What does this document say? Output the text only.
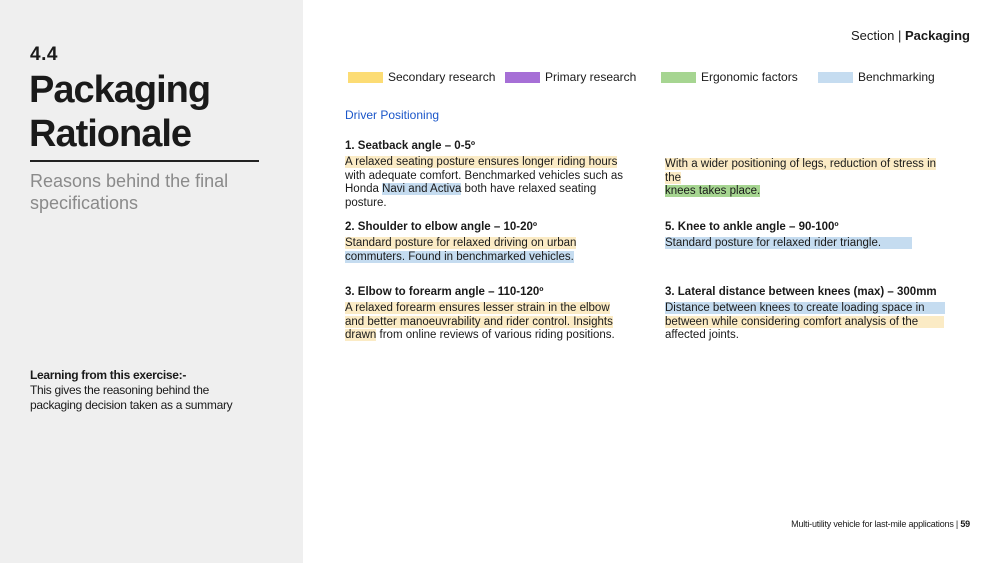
4.4
Packaging
Rationale
Reasons behind the final specifications
Learning from this exercise:-
This gives the reasoning behind the packaging decision taken as a summary
Section | Packaging
Secondary research	Primary research	Ergonomic factors	Benchmarking
Driver Positioning
1. Seatback angle – 0-5º
A relaxed seating posture ensures longer riding hours with adequate comfort. Benchmarked vehicles such as Honda Navi and Activa both have relaxed seating posture.
With a wider positioning of legs, reduction of stress in the
knees takes place.
2. Shoulder to elbow angle – 10-20º
Standard posture for relaxed driving on urban
commuters. Found in benchmarked vehicles.
5. Knee to ankle angle – 90-100º
Standard posture for relaxed rider triangle.
3. Elbow to forearm angle – 110-120º
A relaxed forearm ensures lesser strain in the elbow and better manoeuvrability and rider control. Insights drawn from online reviews of various riding positions.
3. Lateral distance between knees (max) – 300mm
Distance between knees to create loading space in
between while considering comfort analysis of the
affected joints.
Multi-utility vehicle for last-mile applications | 59
